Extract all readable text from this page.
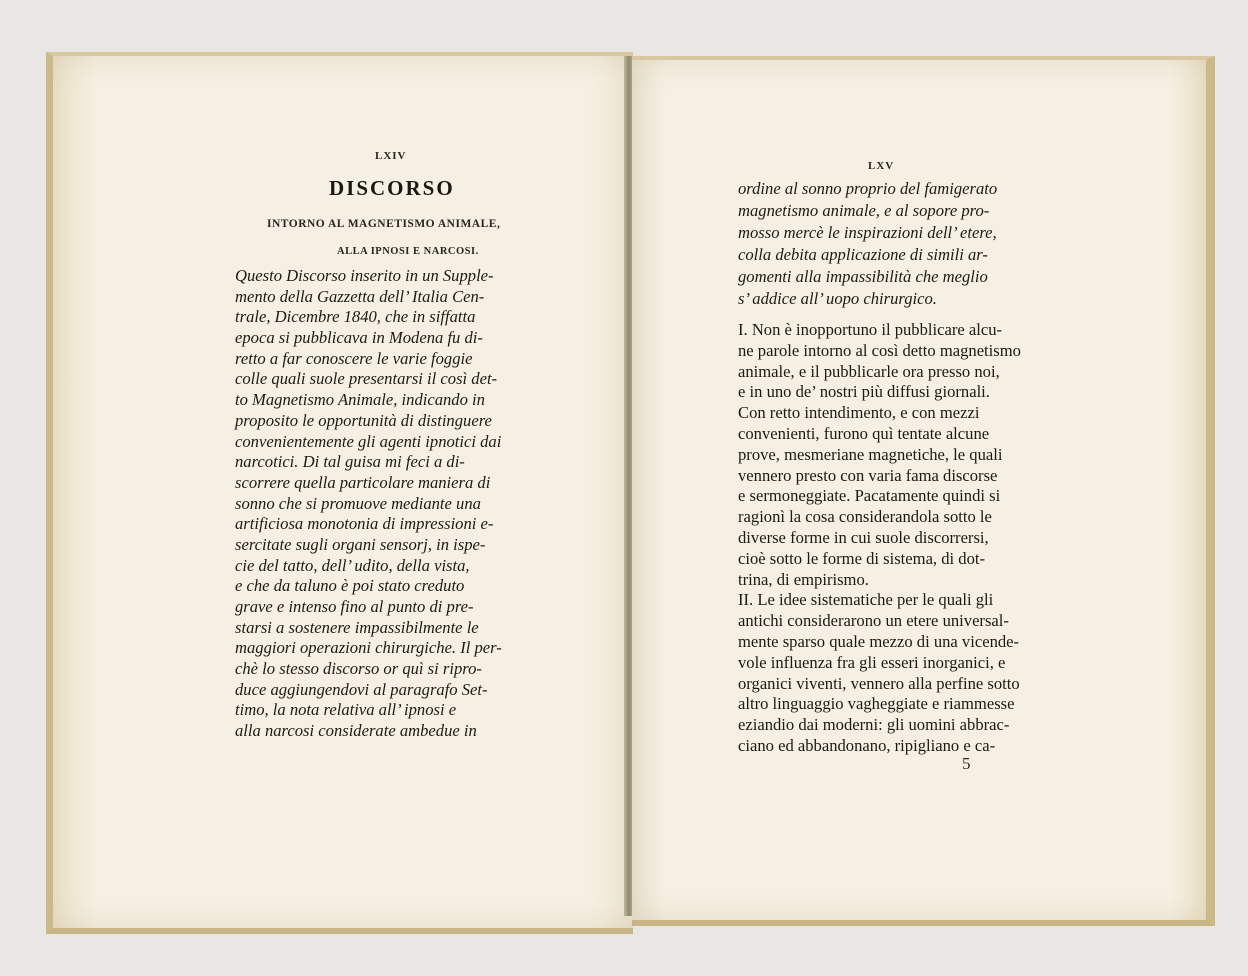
LXIV
DISCORSO
INTORNO AL MAGNETISMO ANIMALE,
ALLA IPNOSI E NARCOSI.
Questo Discorso inserito in un Supple-
mento della Gazzetta dell’ Italia Cen-
trale, Dicembre 1840, che in siffatta
epoca si pubblicava in Modena fu di-
retto a far conoscere le varie foggie
colle quali suole presentarsi il così det-
to Magnetismo Animale, indicando in
proposito le opportunità di distinguere
convenientemente gli agenti ipnotici dai
narcotici. Di tal guisa mi feci a di-
scorrere quella particolare maniera di
sonno che si promuove mediante una
artificiosa monotonia di impressioni e-
sercitate sugli organi sensorj, in ispe-
cie del tatto, dell’ udito, della vista,
e che da taluno è poi stato creduto
grave e intenso fino al punto di pre-
starsi a sostenere impassibilmente le
maggiori operazioni chirurgiche. Il per-
chè lo stesso discorso or quì si ripro-
duce aggiungendovi al paragrafo Set-
timo, la nota relativa all’ ipnosi e
alla narcosi considerate ambedue in
LXV
ordine al sonno proprio del famigerato
magnetismo animale, e al sopore pro-
mosso mercè le inspirazioni dell’ etere,
colla debita applicazione di simili ar-
gomenti alla impassibilità che meglio
s’ addice all’ uopo chirurgico.
I. Non è inopportuno il pubblicare alcu-
ne parole intorno al così detto magnetismo
animale, e il pubblicarle ora presso noi,
e in uno de’ nostri più diffusi giornali.
Con retto intendimento, e con mezzi
convenienti, furono quì tentate alcune
prove, mesmeriane magnetiche, le quali
vennero presto con varia fama discorse
e sermoneggiate. Pacatamente quindi si
ragionì la cosa considerandola sotto le
diverse forme in cui suole discorrersi,
cioè sotto le forme di sistema, di dot-
trina, di empirismo.
II. Le idee sistematiche per le quali gli
antichi considerarono un etere universal-
mente sparso quale mezzo di una vicende-
vole influenza fra gli esseri inorganici, e
organici viventi, vennero alla perfine sotto
altro linguaggio vagheggiate e riammesse
eziandio dai moderni: gli uomini abbrac-
ciano ed abbandonano, ripigliano e ca-
5
